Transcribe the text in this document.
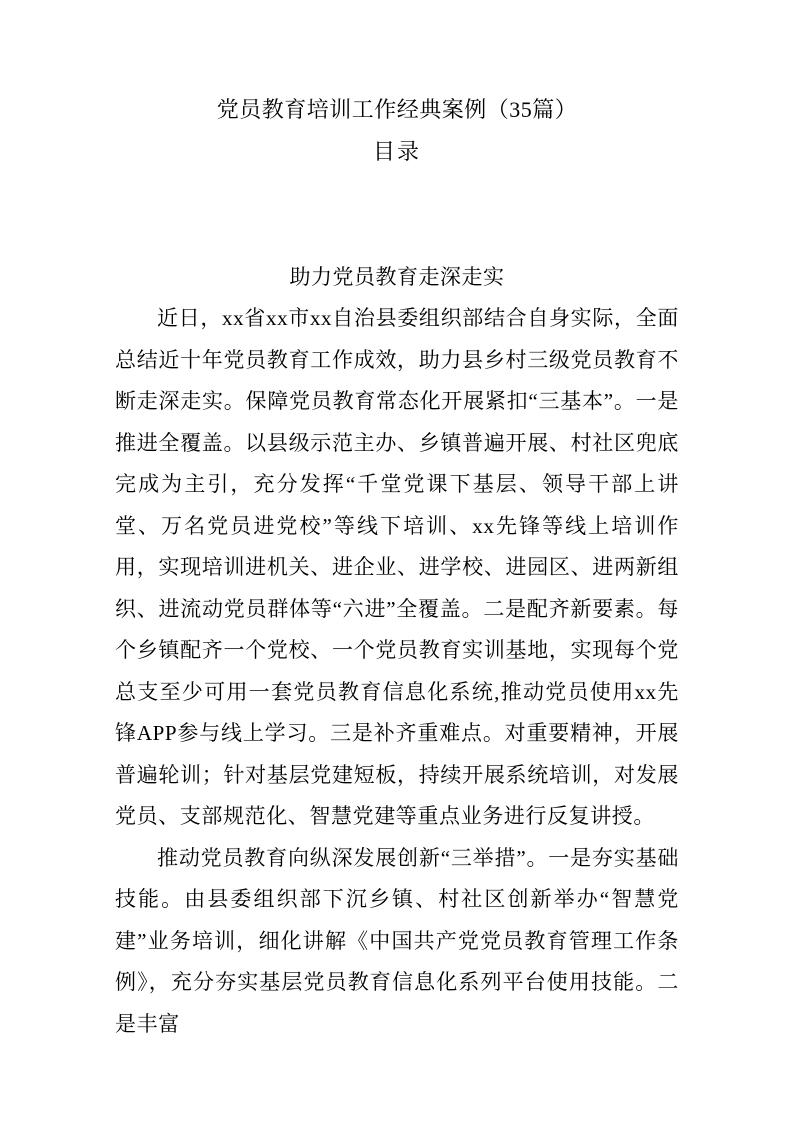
党员教育培训工作经典案例（35篇）
目录
助力党员教育走深走实

近日，xx省xx市xx自治县委组织部结合自身实际，全面总结近十年党员教育工作成效，助力县乡村三级党员教育不断走深走实。保障党员教育常态化开展紧扣“三基本”。一是推进全覆盖。以县级示范主办、乡镇普遍开展、村社区兜底完成为主引，充分发挥“千堂党课下基层、领导干部上讲堂、万名党员进党校”等线下培训、xx先锋等线上培训作用，实现培训进机关、进企业、进学校、进园区、进两新组织、进流动党员群体等“六进”全覆盖。二是配齐新要素。每个乡镇配齐一个党校、一个党员教育实训基地，实现每个党总支至少可用一套党员教育信息化系统,推动党员使用xx先锋APP参与线上学习。三是补齐重难点。对重要精神，开展普遍轮训；针对基层党建短板，持续开展系统培训，对发展党员、支部规范化、智慧党建等重点业务进行反复讲授。

推动党员教育向纵深发展创新“三举措”。一是夯实基础技能。由县委组织部下沉乡镇、村社区创新举办“智慧党建”业务培训，细化讲解《中国共产党党员教育管理工作条例》，充分夯实基层党员教育信息化系列平台使用技能。二是丰富
